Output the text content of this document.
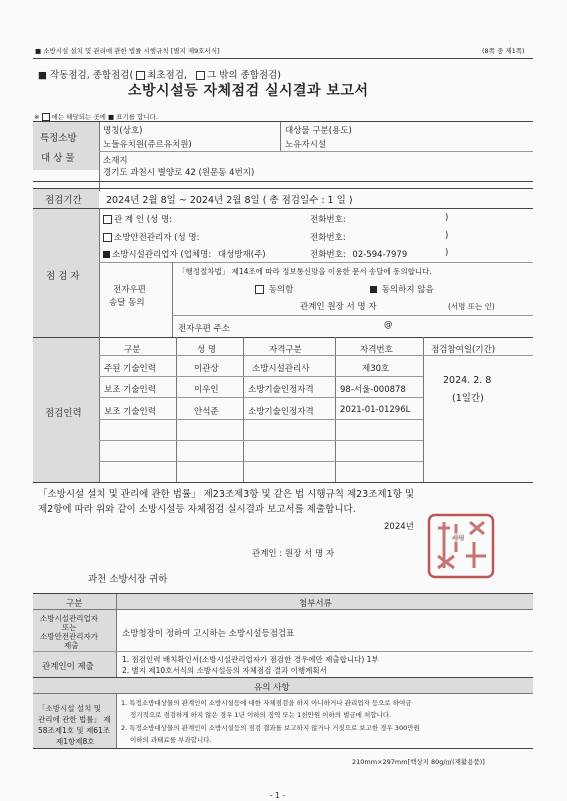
■ 소방시설 설치 및 관리에 관한 법률 시행규칙 [별지 제9호서식]	(8쪽 중 제1쪽)
■ 작동점검, 종합점검( 최초점검, 그 밖의 종합점검)
소방시설등 자체점검 실시결과 보고서
※ 에는 해당되는 곳에 ■ 표기를 합니다.
특정소방
대 상 물
명칭(상호)
노들유치원(쥬르유치원)
대상물 구분(용도)
노유자시설
소재지
경기도 과천시 별양로 42 (원문동 4번지)
점검기간	2024년 2월 8일 ~ 2024년 2월 8일 ( 총 점검일수 : 1 일 )
점 검 자
관 계 인 (성 명:	전화번호:	)
소방안전관리자 (성 명:	전화번호:	)
소방시설관리업자 (업체명: 대성방재(주)	전화번호: 02-594-7979	)
전자우편
송달 동의
「행정절차법」 제14조에 따라 정보통신망을 이용한 문서 송달에 동의합니다.
동의함	동의하지 않음
관계인 원장 서 명 자	(서명 또는 인)
전자우편 주소	@
점검인력
구분	성 명	자격구분	자격번호	점검참여일(기간)
주된 기술인력	이관상	소방시설관리사	제30호
보조 기술인력	이우인	소방기술인정자격	98-서울-000878
보조 기술인력	안석준	소방기술인정자격	2021-01-01296L
2024. 2. 8
(1일간)
「소방시설 설치 및 관리에 관한 법률」 제23조제3항 및 같은 법 시행규칙 제23조제1항 및
제2항에 따라 위와 같이 소방시설등 자체점검 실시결과 보고서를 제출합니다.
2024년
관계인 : 원장 서 명 자
과천 소방서장 귀하
서명
구분	첨부서류
소방시설관리업자
또는
소방안전관리자가
제출
소방청장이 정하여 고시하는 소방시설등점검표
관계인이 제출
1. 점검인력 배치확인서(소방시설관리업자가 점검한 경우에만 제출합니다) 1부
2. 별지 제10호서식의 소방시설등의 자체점검 결과 이행계획서
유의 사항
「소방시설 설치 및
관리에 관한 법률」 제
58조제1호 및 제61조
제1항제8호
1. 특정소방대상물의 관계인이 소방시설등에 대한 자체점검을 하지 아니하거나 관리업자 등으로 하여금
정기적으로 점검하게 하지 않은 경우 1년 이하의 징역 또는 1천만원 이하의 벌금에 처합니다.
2. 특정소방대상물의 관계인이 소방시설등의 점검 결과를 보고하지 않거나 거짓으로 보고한 경우 300만원
이하의 과태료를 부과합니다.
210mm×297mm[백상지 80g/㎡(재활용품)]
- 1 -
